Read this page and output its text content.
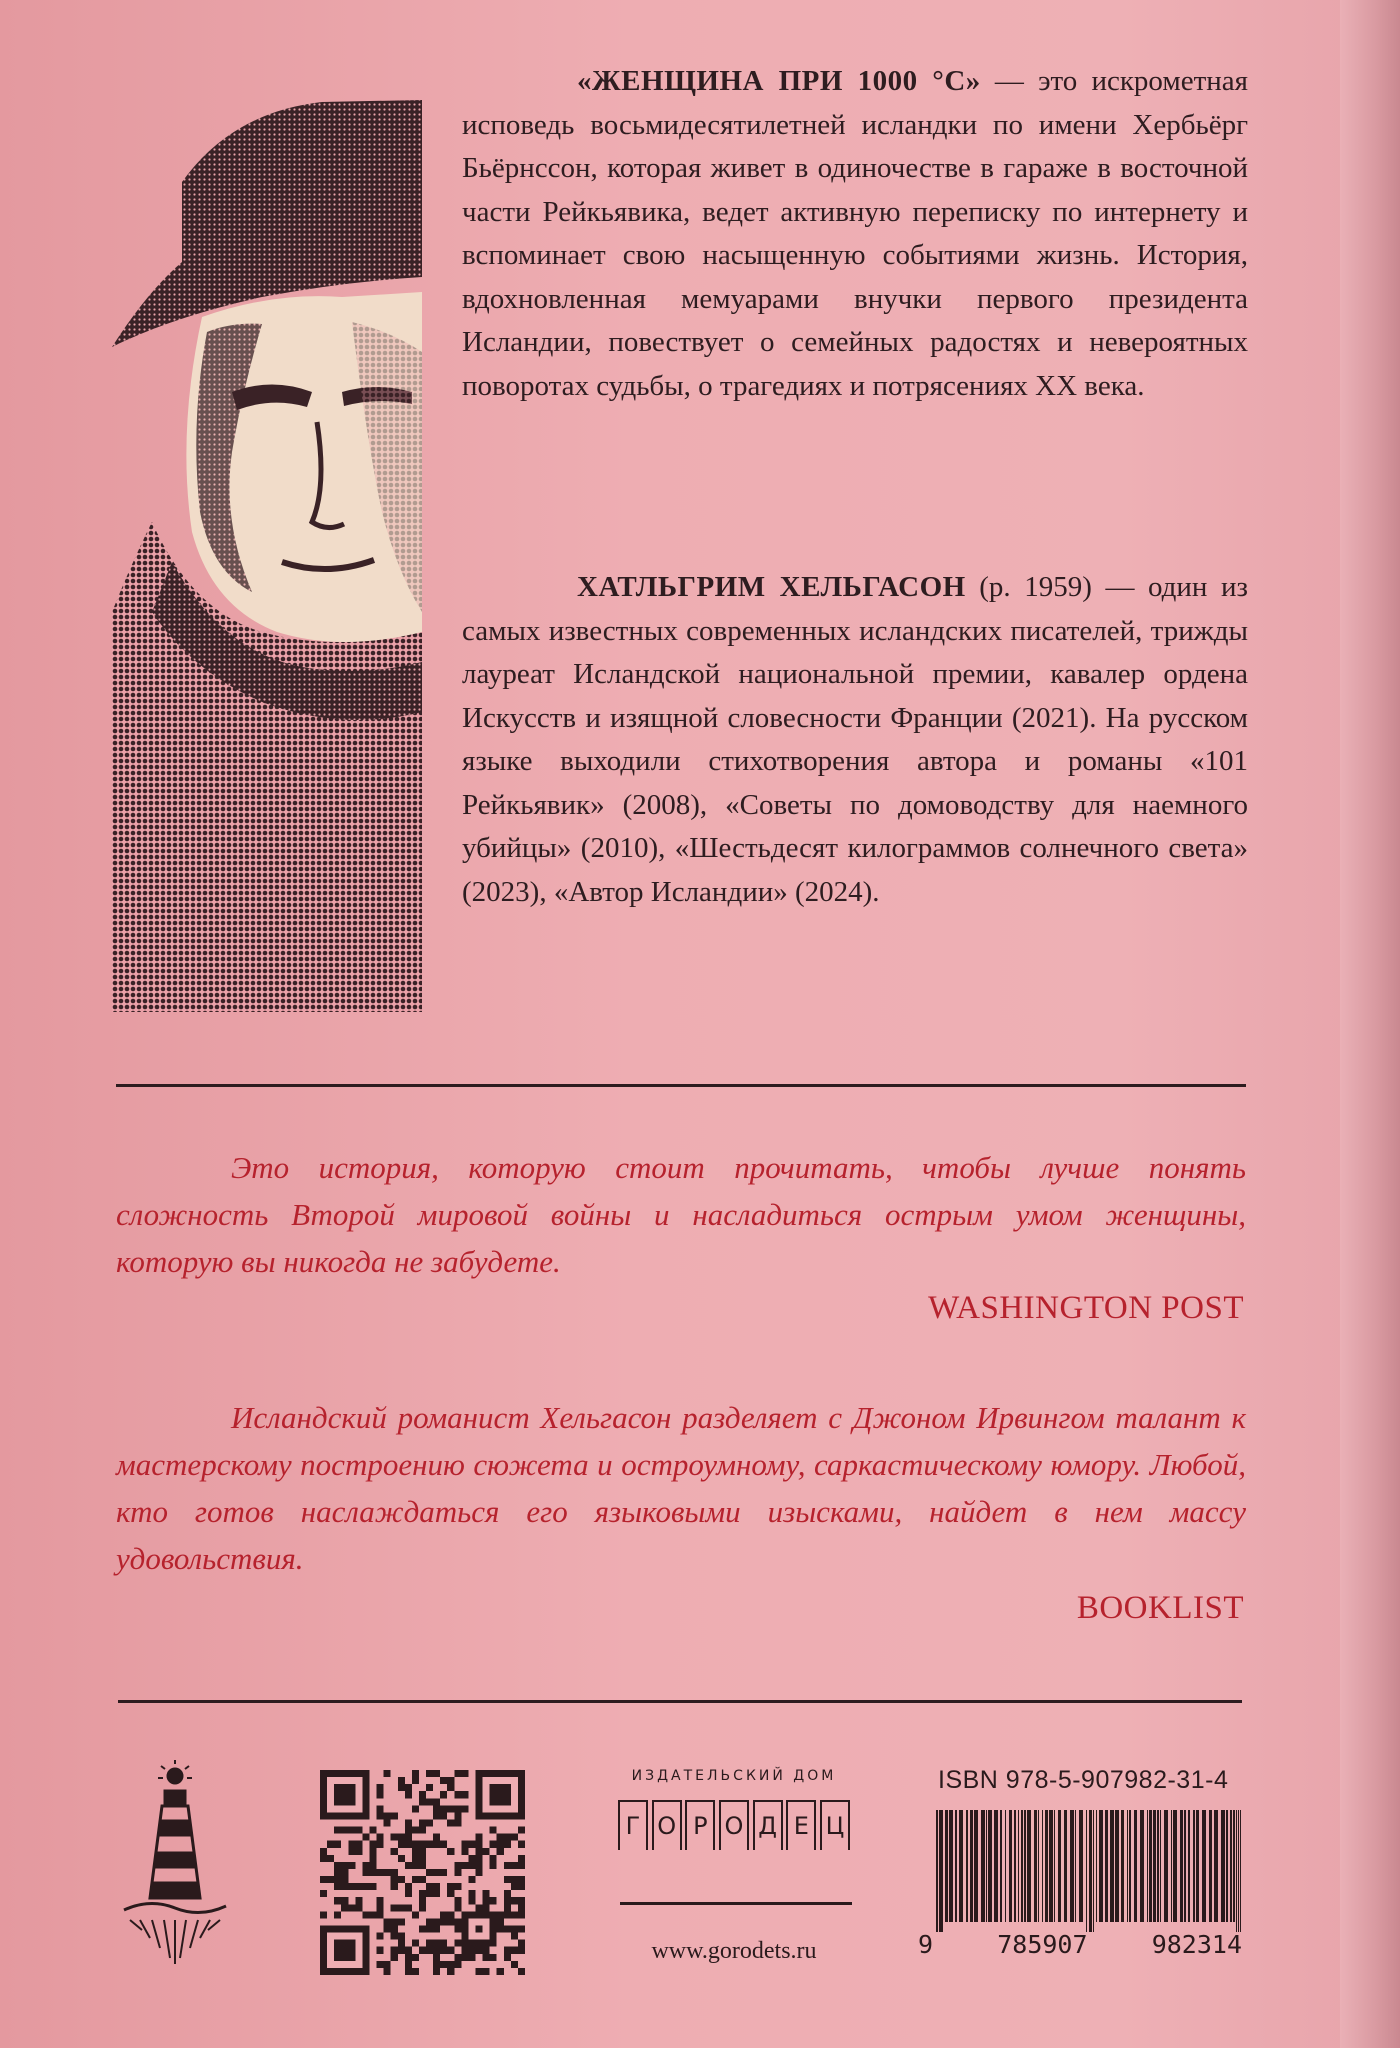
«ЖЕНЩИНА ПРИ 1000 °С» — это искрометная исповедь восьмидесятилетней исландки по имени Хербьёрг Бьёрнссон, которая живет в одиночестве в гараже в восточной части Рейкьявика, ведет активную переписку по интернету и вспоминает свою насыщенную событиями жизнь. История, вдохновленная мемуарами внучки первого президента Исландии, повествует о семейных радостях и невероятных поворотах судьбы, о трагедиях и потрясениях XX века.

ХАТЛЬГРИМ ХЕЛЬГАСОН (р. 1959) — один из самых известных современных исландских писателей, трижды лауреат Исландской национальной премии, кавалер ордена Искусств и изящной словесности Франции (2021). На русском языке выходили стихотворения автора и романы «101 Рейкьявик» (2008), «Советы по домоводству для наемного убийцы» (2010), «Шестьдесят килограммов солнечного света» (2023), «Автор Исландии» (2024).

Это история, которую стоит прочитать, чтобы лучше понять сложность Второй мировой войны и насладиться острым умом женщины, которую вы никогда не забудете.

WASHINGTON POST

Исландский романист Хельгасон разделяет с Джоном Ирвингом талант к мастерскому построению сюжета и остроумному, саркастическому юмору. Любой, кто готов наслаждаться его языковыми изысками, найдет в нем массу удовольствия.

BOOKLIST
ИЗДАТЕЛЬСКИЙ ДОМ
Г О Р О Д Е Ц
www.gorodets.ru
ISBN 978-5-907982-31-4
9	785907	982314
